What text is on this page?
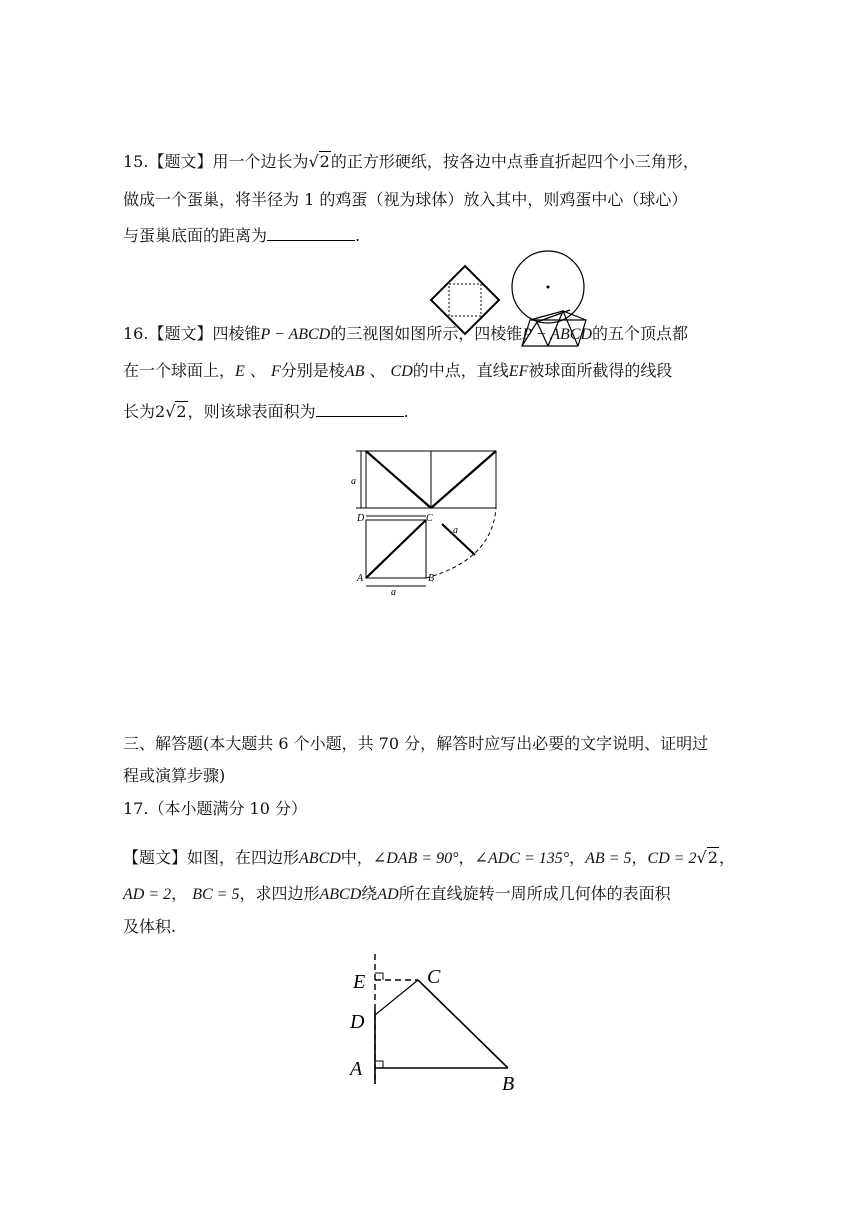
15.【题文】用一个边长为√2的正方形硬纸，按各边中点垂直折起四个小三角形，
做成一个蛋巢，将半径为 1 的鸡蛋（视为球体）放入其中，则鸡蛋中心（球心）
与蛋巢底面的距离为	.
16.【题文】四棱锥P − ABCD的三视图如图所示，四棱锥P − ABCD的五个顶点都
在一个球面上，E 、 F分别是棱AB 、 CD的中点，直线EF被球面所截得的线段
长为2√2，则该球表面积为	.
a
D	C
a
A	B
a
三、解答题(本大题共 6 个小题，共 70 分，解答时应写出必要的文字说明、证明过
程或演算步骤)
17.（本小题满分 10 分）
【题文】如图，在四边形ABCD中，∠DAB = 90°，∠ADC = 135°，AB = 5，CD = 2√2，
AD = 2， BC = 5，求四边形ABCD绕AD所在直线旋转一周所成几何体的表面积
及体积.
E	C
D
A
B
